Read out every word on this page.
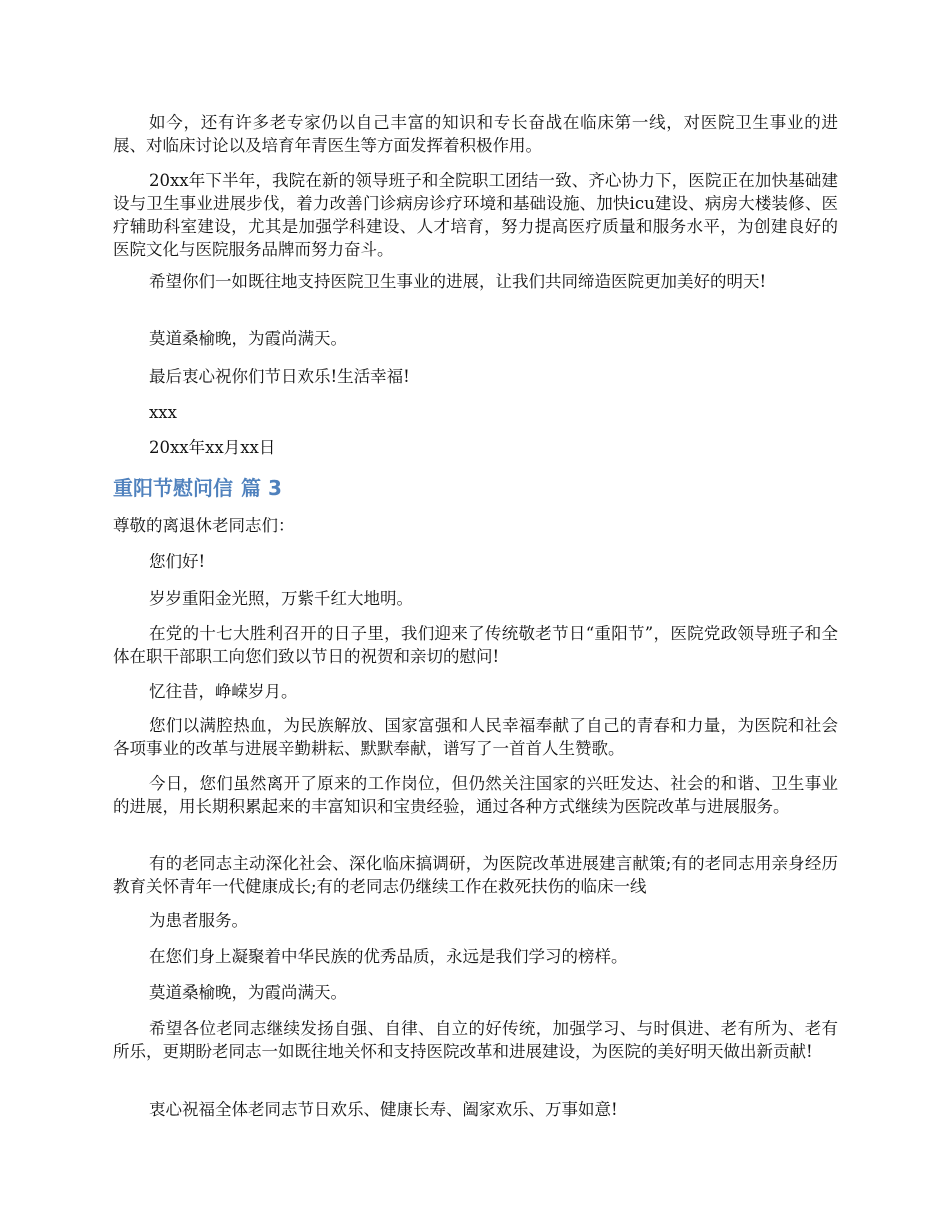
如今，还有许多老专家仍以自己丰富的知识和专长奋战在临床第一线，对医院卫生事业的进展、对临床讨论以及培育年青医生等方面发挥着积极作用。

20xx年下半年，我院在新的领导班子和全院职工团结一致、齐心协力下，医院正在加快基础建设与卫生事业进展步伐，着力改善门诊病房诊疗环境和基础设施、加快icu建设、病房大楼装修、医疗辅助科室建设，尤其是加强学科建设、人才培育，努力提高医疗质量和服务水平，为创建良好的医院文化与医院服务品牌而努力奋斗。

希望你们一如既往地支持医院卫生事业的进展，让我们共同缔造医院更加美好的明天!

莫道桑榆晚，为霞尚满天。

最后衷心祝你们节日欢乐!生活幸福!

xxx

20xx年xx月xx日

重阳节慰问信 篇 3

尊敬的离退休老同志们：

您们好!

岁岁重阳金光照，万紫千红大地明。

在党的十七大胜利召开的日子里，我们迎来了传统敬老节日“重阳节”，医院党政领导班子和全体在职干部职工向您们致以节日的祝贺和亲切的慰问!

忆往昔，峥嵘岁月。

您们以满腔热血，为民族解放、国家富强和人民幸福奉献了自己的青春和力量，为医院和社会各项事业的改革与进展辛勤耕耘、默默奉献，谱写了一首首人生赞歌。

今日，您们虽然离开了原来的工作岗位，但仍然关注国家的兴旺发达、社会的和谐、卫生事业的进展，用长期积累起来的丰富知识和宝贵经验，通过各种方式继续为医院改革与进展服务。

有的老同志主动深化社会、深化临床搞调研，为医院改革进展建言献策;有的老同志用亲身经历教育关怀青年一代健康成长;有的老同志仍继续工作在救死扶伤的临床一线

为患者服务。

在您们身上凝聚着中华民族的优秀品质，永远是我们学习的榜样。

莫道桑榆晚，为霞尚满天。

希望各位老同志继续发扬自强、自律、自立的好传统，加强学习、与时俱进、老有所为、老有所乐，更期盼老同志一如既往地关怀和支持医院改革和进展建设，为医院的美好明天做出新贡献!

衷心祝福全体老同志节日欢乐、健康长寿、阖家欢乐、万事如意!
